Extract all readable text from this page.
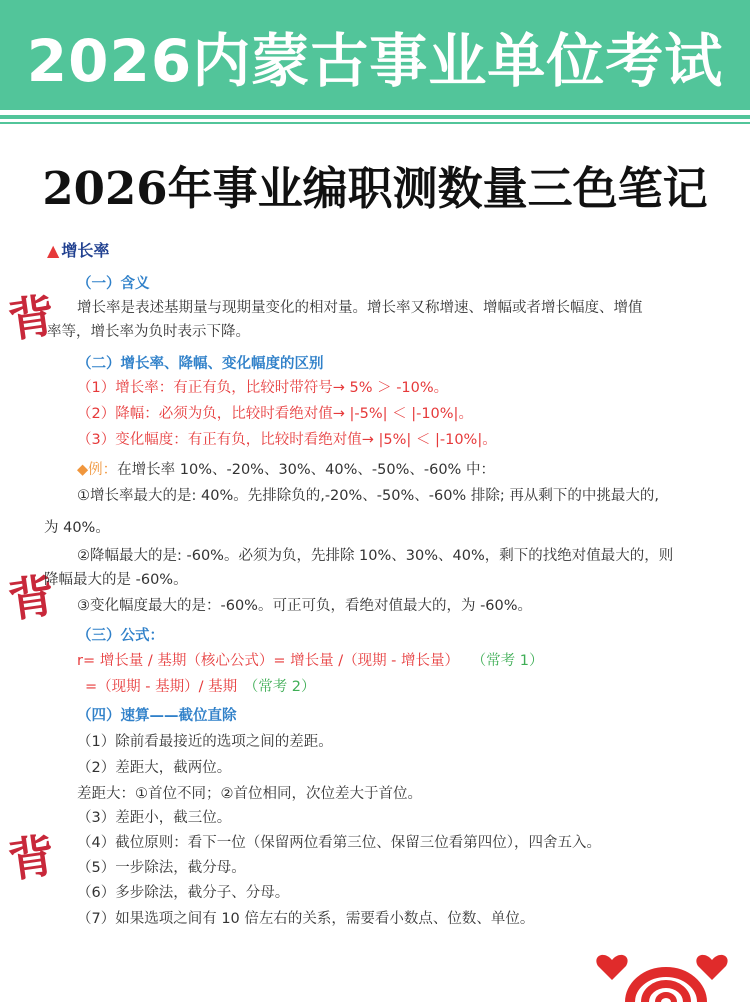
2026内蒙古事业单位考试
2026年事业编职测数量三色笔记
▲ 增长率
背
背
背
（一）含义
增长率是表述基期量与现期量变化的相对量。增长率又称增速、增幅或者增长幅度、增值
率等，增长率为负时表示下降。
（二）增长率、降幅、变化幅度的区别
（1）增长率：有正有负，比较时带符号→ 5% ＞ -10%。
（2）降幅：必须为负，比较时看绝对值→ |-5%| ＜ |-10%|。
（3）变化幅度：有正有负，比较时看绝对值→ |5%| ＜ |-10%|。
◆例：在增长率 10%、-20%、30%、40%、-50%、-60% 中：
①增长率最大的是: 40%。先排除负的,-20%、-50%、-60% 排除; 再从剩下的中挑最大的,
为 40%。
②降幅最大的是: -60%。必须为负，先排除 10%、30%、40%，剩下的找绝对值最大的，则
降幅最大的是 -60%。
③变化幅度最大的是：-60%。可正可负，看绝对值最大的，为 -60%。
（三）公式：
r= 增长量 / 基期（核心公式）= 增长量 /（现期 - 增长量） （常考 1）
=（现期 - 基期）/ 基期 （常考 2）
（四）速算——截位直除
（1）除前看最接近的选项之间的差距。
（2）差距大，截两位。
差距大：①首位不同；②首位相同，次位差大于首位。
（3）差距小，截三位。
（4）截位原则：看下一位（保留两位看第三位、保留三位看第四位），四舍五入。
（5）一步除法，截分母。
（6）多步除法，截分子、分母。
（7）如果选项之间有 10 倍左右的关系，需要看小数点、位数、单位。
